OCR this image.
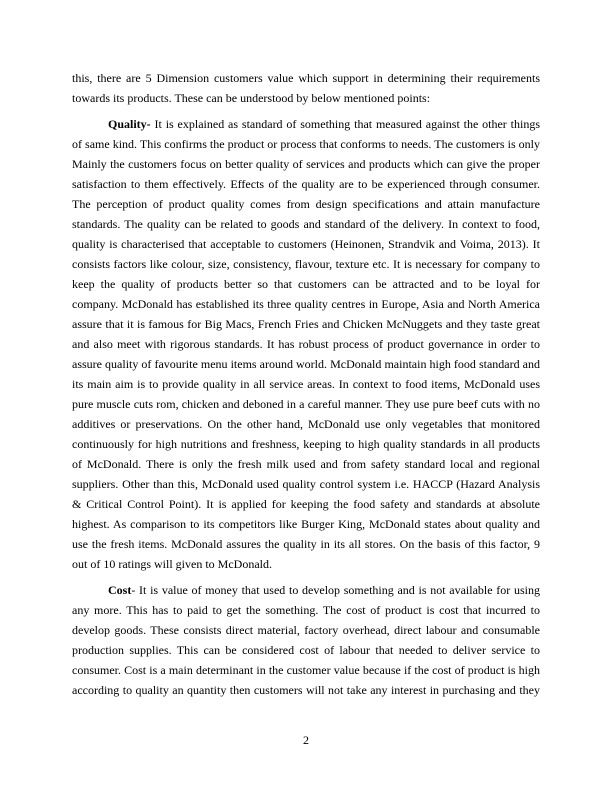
this, there are 5 Dimension customers value which support in determining their requirements
towards its products. These can be understood by below mentioned points:
Quality- It is explained as standard of something that measured against the other things
of same kind. This confirms the product or process that conforms to needs. The customers is only
Mainly the customers focus on better quality of services and products which can give the proper
satisfaction to them effectively. Effects of the quality are to be experienced through consumer.
The perception of product quality comes from design specifications and attain manufacture
standards. The quality can be related to goods and standard of the delivery. In context to food,
quality is characterised that acceptable to customers (Heinonen, Strandvik and Voima, 2013). It
consists factors like colour, size, consistency, flavour, texture etc. It is necessary for company to
keep the quality of products better so that customers can be attracted and to be loyal for
company. McDonald has established its three quality centres in Europe, Asia and North America
assure that it is famous for Big Macs, French Fries and Chicken McNuggets and they taste great
and also meet with rigorous standards. It has robust process of product governance in order to
assure quality of favourite menu items around world. McDonald maintain high food standard and
its main aim is to provide quality in all service areas. In context to food items, McDonald uses
pure muscle cuts rom, chicken and deboned in a careful manner. They use pure beef cuts with no
additives or preservations. On the other hand, McDonald use only vegetables that monitored
continuously for high nutritions and freshness, keeping to high quality standards in all products
of McDonald. There is only the fresh milk used and from safety standard local and regional
suppliers. Other than this, McDonald used quality control system i.e. HACCP (Hazard Analysis
& Critical Control Point). It is applied for keeping the food safety and standards at absolute
highest. As comparison to its competitors like Burger King, McDonald states about quality and
use the fresh items. McDonald assures the quality in its all stores. On the basis of this factor, 9
out of 10 ratings will given to McDonald.
Cost- It is value of money that used to develop something and is not available for using
any more. This has to paid to get the something. The cost of product is cost that incurred to
develop goods. These consists direct material, factory overhead, direct labour and consumable
production supplies. This can be considered cost of labour that needed to deliver service to
consumer. Cost is a main determinant in the customer value because if the cost of product is high
according to quality an quantity then customers will not take any interest in purchasing and they
2
